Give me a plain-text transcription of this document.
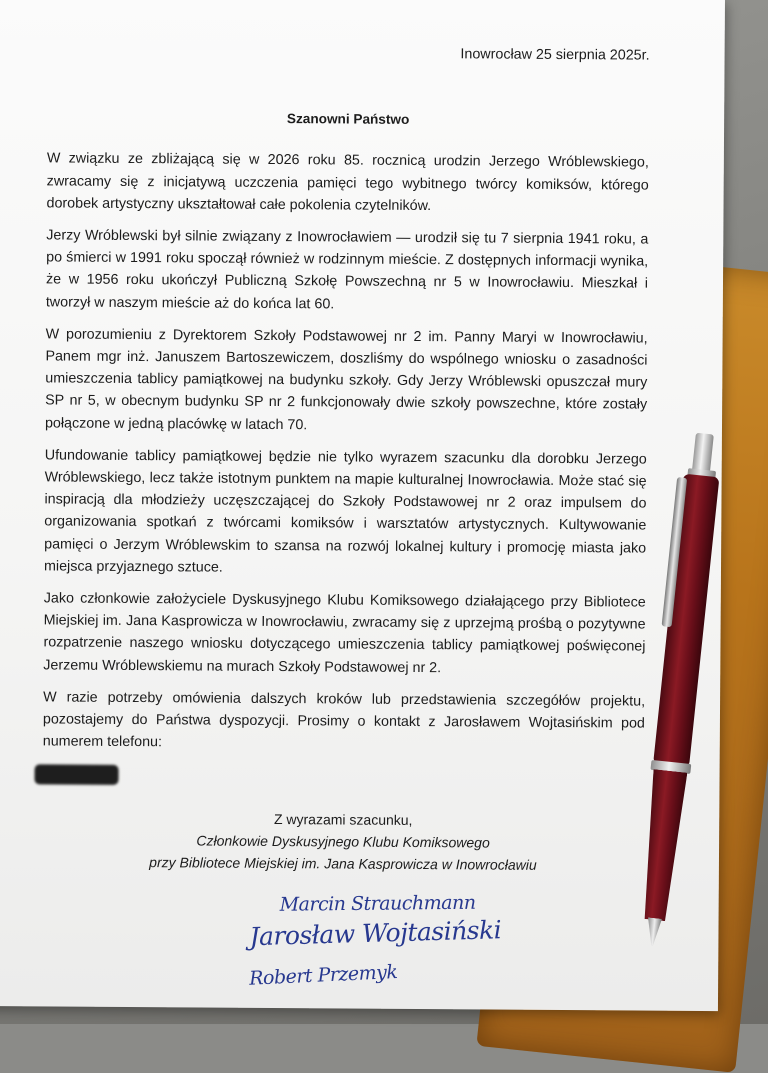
Inowrocław 25 sierpnia 2025r.

Szanowni Państwo

W związku ze zbliżającą się w 2026 roku 85. rocznicą urodzin Jerzego Wróblewskiego, zwracamy się z inicjatywą uczczenia pamięci tego wybitnego twórcy komiksów, którego dorobek artystyczny ukształtował całe pokolenia czytelników.

Jerzy Wróblewski był silnie związany z Inowrocławiem — urodził się tu 7 sierpnia 1941 roku, a po śmierci w 1991 roku spoczął również w rodzinnym mieście. Z dostępnych informacji wynika, że w 1956 roku ukończył Publiczną Szkołę Powszechną nr 5 w Inowrocławiu. Mieszkał i tworzył w naszym mieście aż do końca lat 60.

W porozumieniu z Dyrektorem Szkoły Podstawowej nr 2 im. Panny Maryi w Inowrocławiu, Panem mgr inż. Januszem Bartoszewiczem, doszliśmy do wspólnego wniosku o zasadności umieszczenia tablicy pamiątkowej na budynku szkoły. Gdy Jerzy Wróblewski opuszczał mury SP nr 5, w obecnym budynku SP nr 2 funkcjonowały dwie szkoły powszechne, które zostały połączone w jedną placówkę w latach 70.

Ufundowanie tablicy pamiątkowej będzie nie tylko wyrazem szacunku dla dorobku Jerzego Wróblewskiego, lecz także istotnym punktem na mapie kulturalnej Inowrocławia. Może stać się inspiracją dla młodzieży uczęszczającej do Szkoły Podstawowej nr 2 oraz impulsem do organizowania spotkań z twórcami komiksów i warsztatów artystycznych. Kultywowanie pamięci o Jerzym Wróblewskim to szansa na rozwój lokalnej kultury i promocję miasta jako miejsca przyjaznego sztuce.

Jako członkowie założyciele Dyskusyjnego Klubu Komiksowego działającego przy Bibliotece Miejskiej im. Jana Kasprowicza w Inowrocławiu, zwracamy się z uprzejmą prośbą o pozytywne rozpatrzenie naszego wniosku dotyczącego umieszczenia tablicy pamiątkowej poświęconej Jerzemu Wróblewskiemu na murach Szkoły Podstawowej nr 2.

W razie potrzeby omówienia dalszych kroków lub przedstawienia szczegółów projektu, pozostajemy do Państwa dyspozycji. Prosimy o kontakt z Jarosławem Wojtasińskim pod numerem telefonu:

505 319 422
Z wyrazami szacunku,
Członkowie Dyskusyjnego Klubu Komiksowego
przy Bibliotece Miejskiej im. Jana Kasprowicza w Inowrocławiu
Marcin Strauchmann
Jarosław Wojtasiński
Robert Przemyk
